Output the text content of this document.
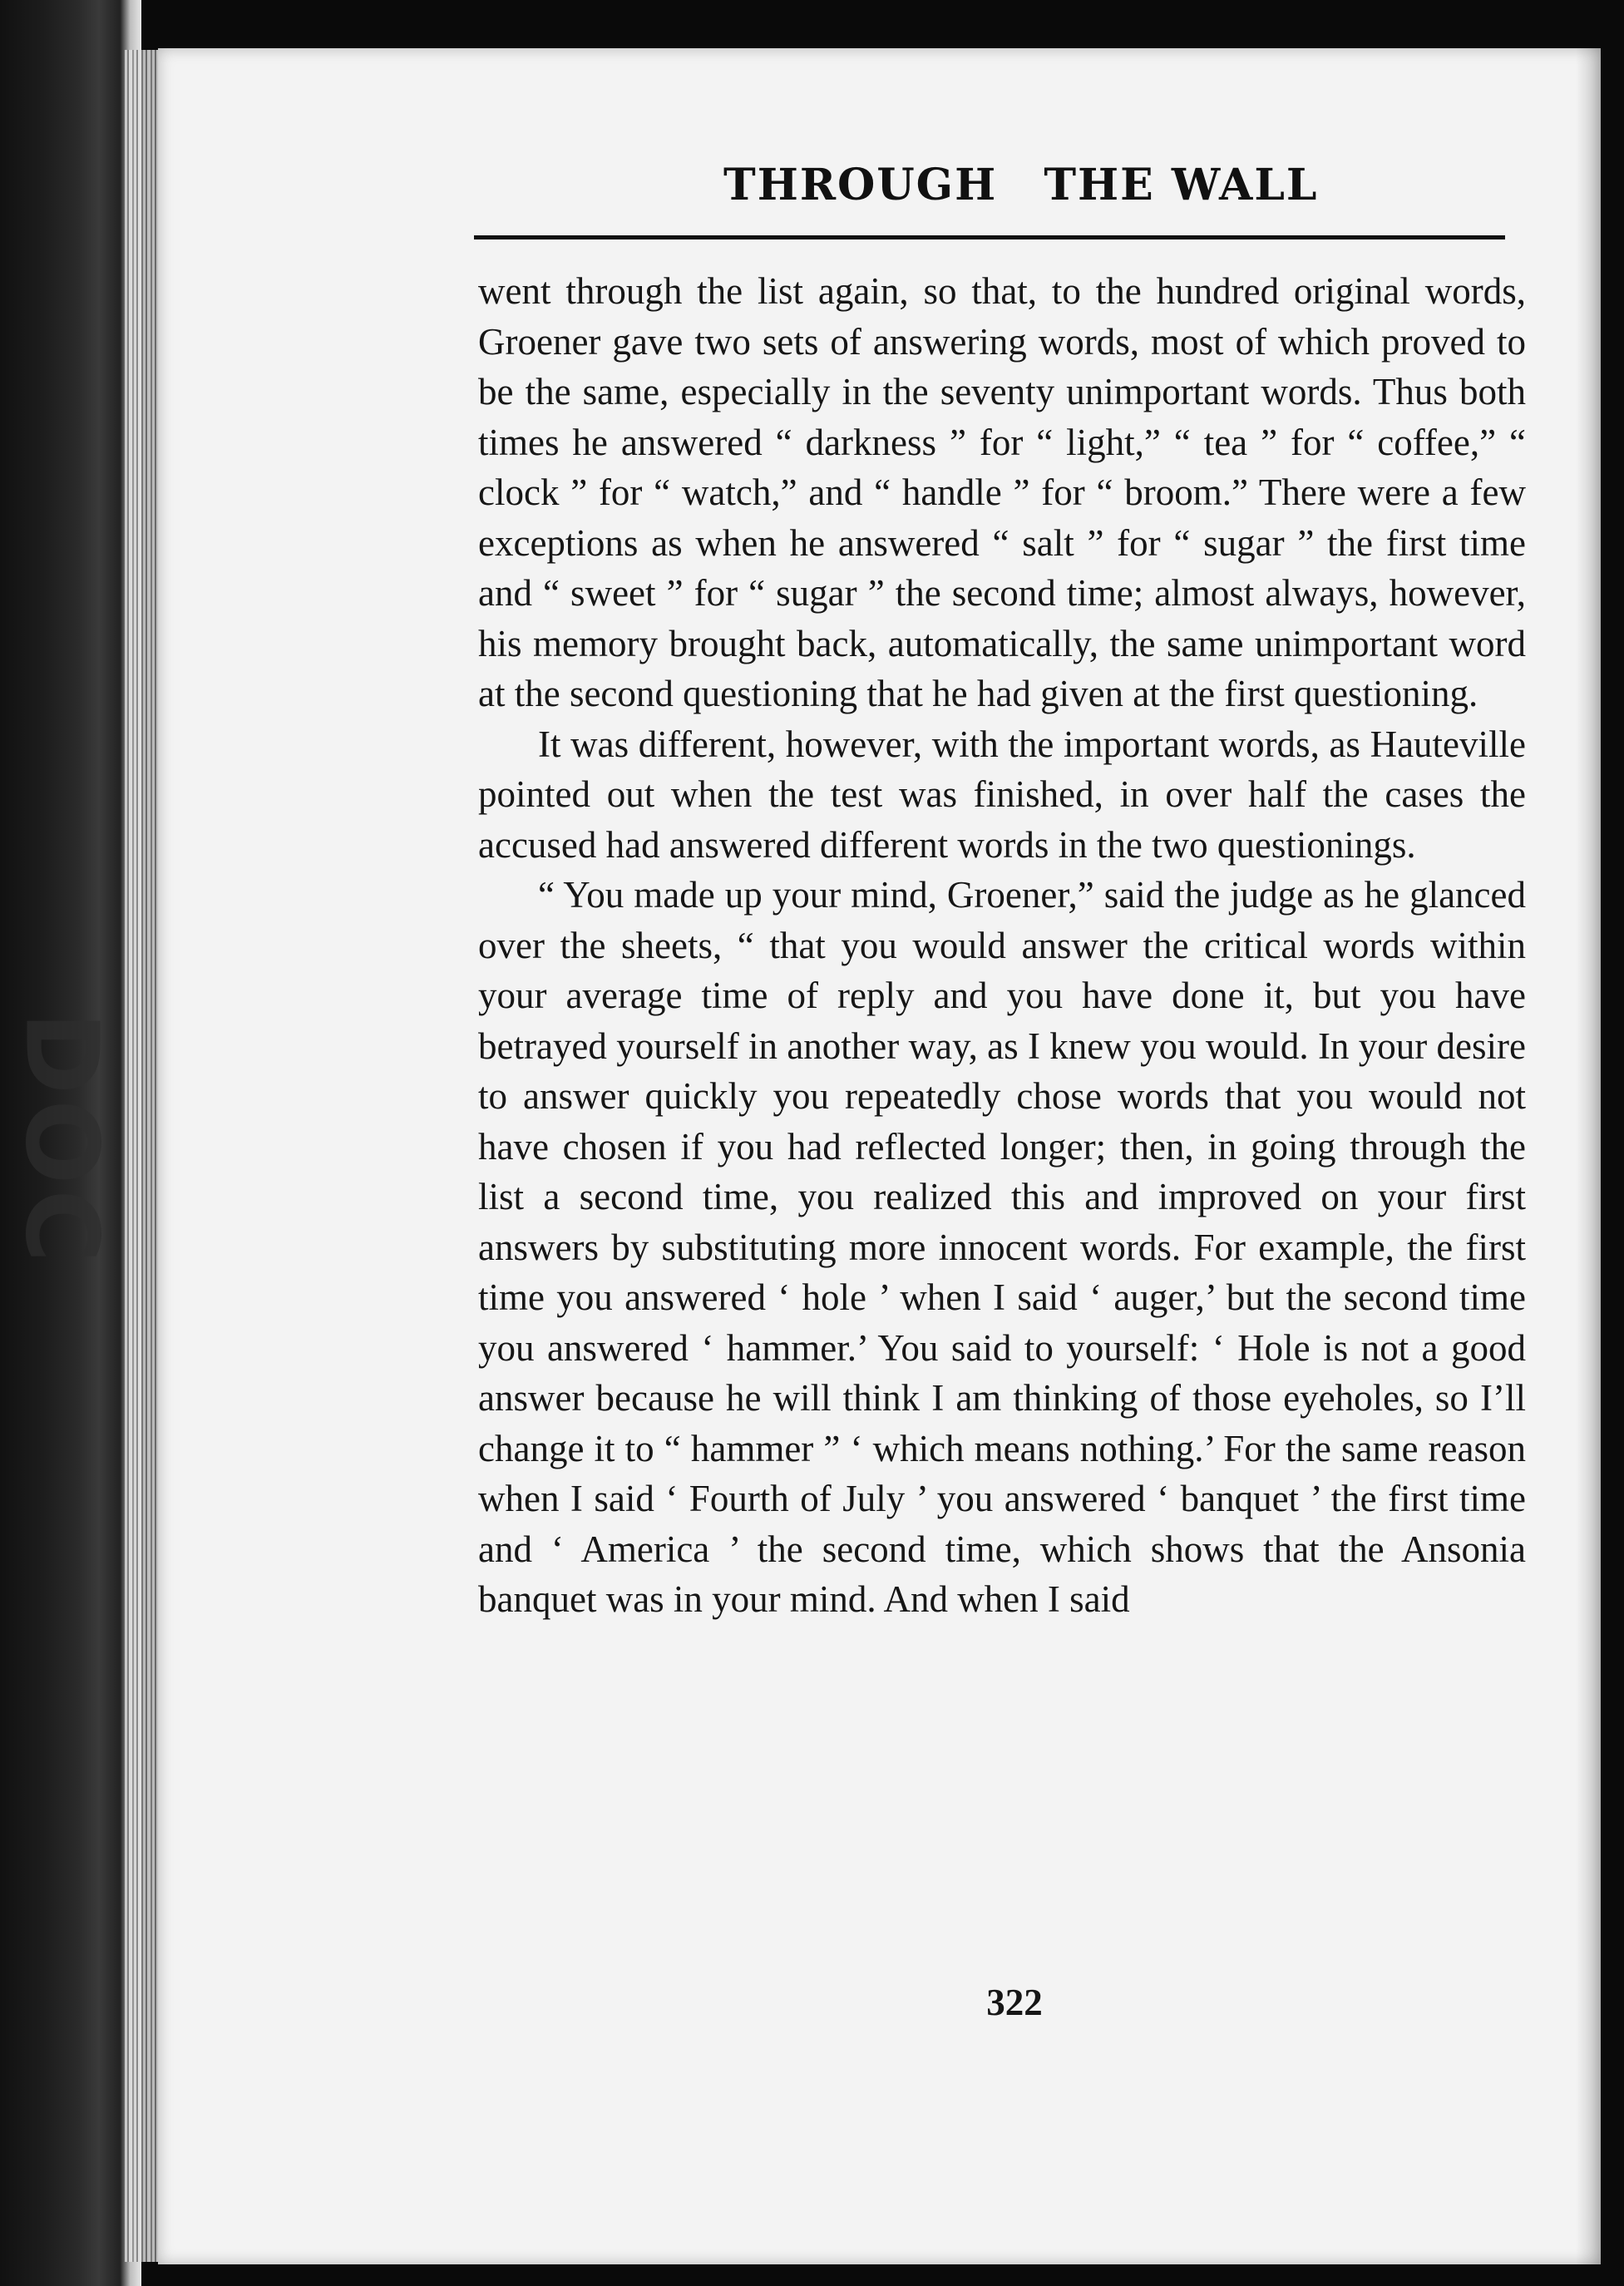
DOC
THROUGH THE WALL

went through the list again, so that, to the hundred original words, Groener gave two sets of answering words, most of which proved to be the same, especially in the seventy unimportant words. Thus both times he answered “ darkness ” for “ light,” “ tea ” for “ coffee,” “ clock ” for “ watch,” and “ handle ” for “ broom.” There were a few exceptions as when he answered “ salt ” for “ sugar ” the first time and “ sweet ” for “ sugar ” the second time; almost always, however, his memory brought back, automatically, the same unimportant word at the second questioning that he had given at the first questioning.

It was different, however, with the important words, as Hauteville pointed out when the test was finished, in over half the cases the accused had answered different words in the two questionings.

“ You made up your mind, Groener,” said the judge as he glanced over the sheets, “ that you would answer the critical words within your average time of reply and you have done it, but you have betrayed yourself in another way, as I knew you would. In your desire to answer quickly you repeatedly chose words that you would not have chosen if you had reflected longer; then, in going through the list a second time, you realized this and improved on your first answers by substituting more innocent words. For example, the first time you answered ‘ hole ’ when I said ‘ auger,’ but the second time you answered ‘ hammer.’ You said to yourself: ‘ Hole is not a good answer because he will think I am thinking of those eyeholes, so I’ll change it to “ hammer ” ‘ which means nothing.’ For the same reason when I said ‘ Fourth of July ’ you answered ‘ banquet ’ the first time and ‘ America ’ the second time, which shows that the Ansonia banquet was in your mind. And when I said

322
